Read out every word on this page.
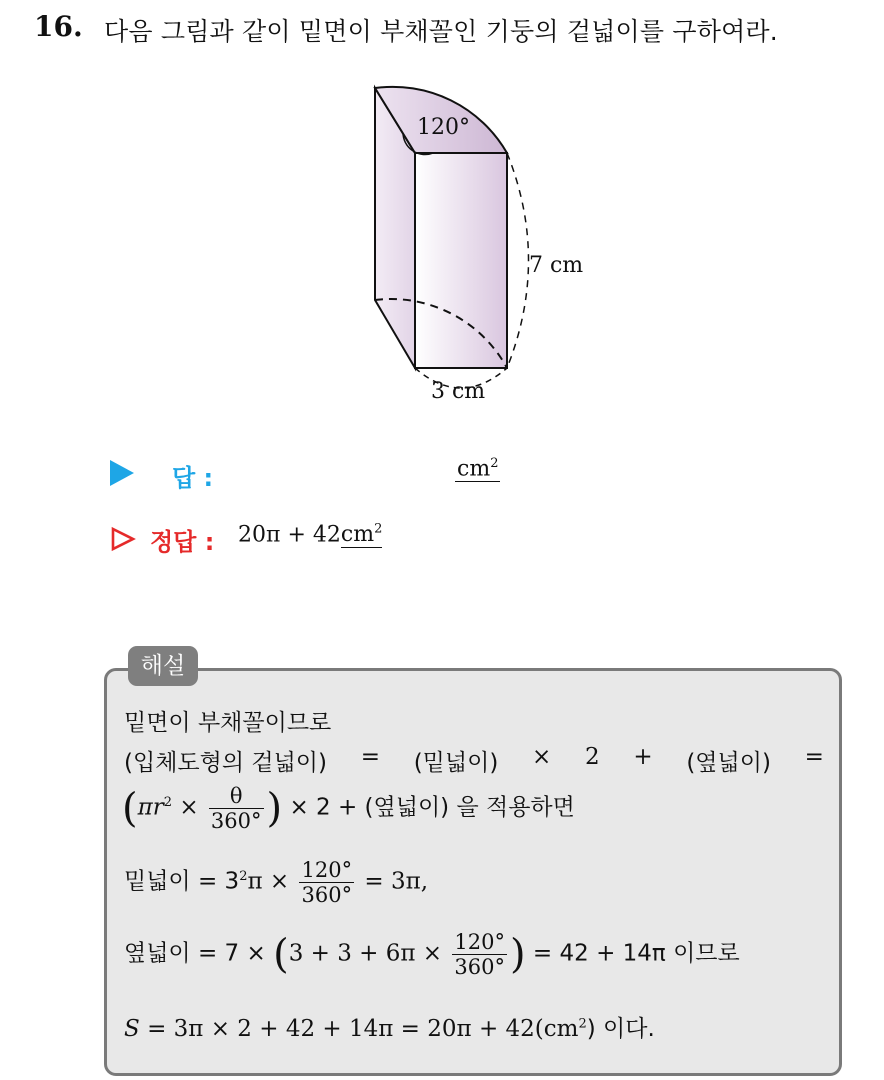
16. 다음 그림과 같이 밑면이 부채꼴인 기둥의 겉넓이를 구하여라.
120°
7 cm
3 cm
답 :	$cm^2$
정답 : $20\pi + 42cm^2$
해설
밑면이 부채꼴이므로
(입체도형의 겉넓이) = (밑넓이) × 2 + (옆넓이) =
($\pi r^2 \times \frac{\theta}{360^\circ}$ ) × 2 + (옆넓이) 을 적용하면
밑넓이 = $3^2\pi \times \frac{120^\circ}{360^\circ} = 3\pi$,
옆넓이 = $7 \times (3 + 3 + 6\pi \times \frac{120^\circ}{360^\circ}$ ) = 42 + 14π 이므로
$S = 3\pi \times 2 + 42 + 14\pi = 20\pi + 42(cm^2)$ 이다.
